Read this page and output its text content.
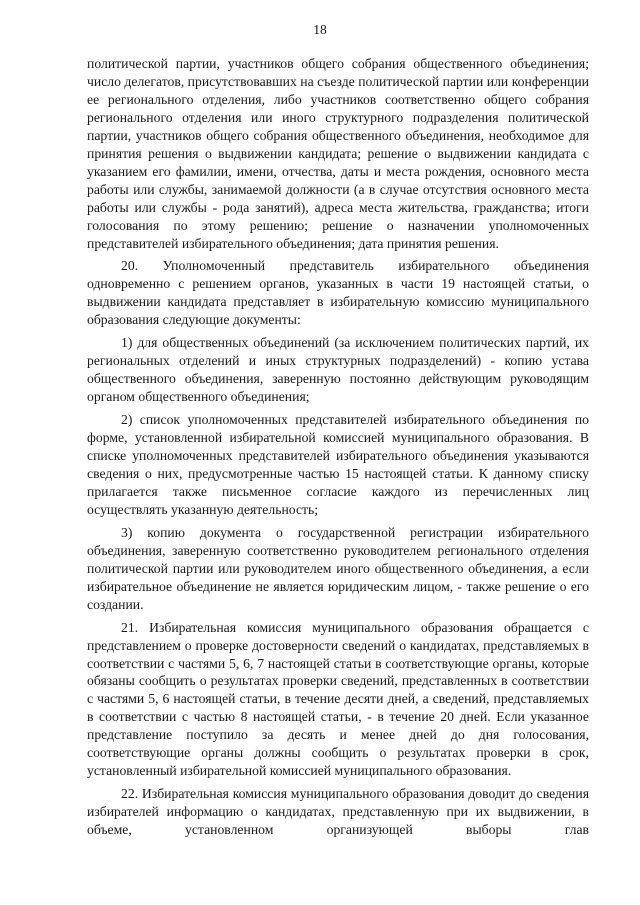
18

политической партии, участников общего собрания общественного объединения; число делегатов, присутствовавших на съезде политической партии или конференции ее регионального отделения, либо участников соответственно общего собрания регионального отделения или иного структурного подразделения политической партии, участников общего собрания общественного объединения, необходимое для принятия решения о выдвижении кандидата; решение о выдвижении кандидата с указанием его фамилии, имени, отчества, даты и места рождения, основного места работы или службы, занимаемой должности (а в случае отсутствия основного места работы или службы - рода занятий), адреса места жительства, гражданства; итоги голосования по этому решению; решение о назначении уполномоченных представителей избирательного объединения; дата принятия решения.

20. Уполномоченный представитель избирательного объединения одновременно с решением органов, указанных в части 19 настоящей статьи, о выдвижении кандидата представляет в избирательную комиссию муниципального образования следующие документы:

1) для общественных объединений (за исключением политических партий, их региональных отделений и иных структурных подразделений) - копию устава общественного объединения, заверенную постоянно действующим руководящим органом общественного объединения;

2) список уполномоченных представителей избирательного объединения по форме, установленной избирательной комиссией муниципального образования. В списке уполномоченных представителей избирательного объединения указываются сведения о них, предусмотренные частью 15 настоящей статьи. К данному списку прилагается также письменное согласие каждого из перечисленных лиц осуществлять указанную деятельность;

3) копию документа о государственной регистрации избирательного объединения, заверенную соответственно руководителем регионального отделения политической партии или руководителем иного общественного объединения, а если избирательное объединение не является юридическим лицом, - также решение о его создании.

21. Избирательная комиссия муниципального образования обращается с представлением о проверке достоверности сведений о кандидатах, представляемых в соответствии с частями 5, 6, 7 настоящей статьи в соответствующие органы, которые обязаны сообщить о результатах проверки сведений, представленных в соответствии с частями 5, 6 настоящей статьи, в течение десяти дней, а сведений, представляемых в соответствии с частью 8 настоящей статьи, - в течение 20 дней. Если указанное представление поступило за десять и менее дней до дня голосования, соответствующие органы должны сообщить о результатах проверки в срок, установленный избирательной комиссией муниципального образования.

22. Избирательная комиссия муниципального образования доводит до сведения избирателей информацию о кандидатах, представленную при их выдвижении, в объеме, установленном организующей выборы глав
